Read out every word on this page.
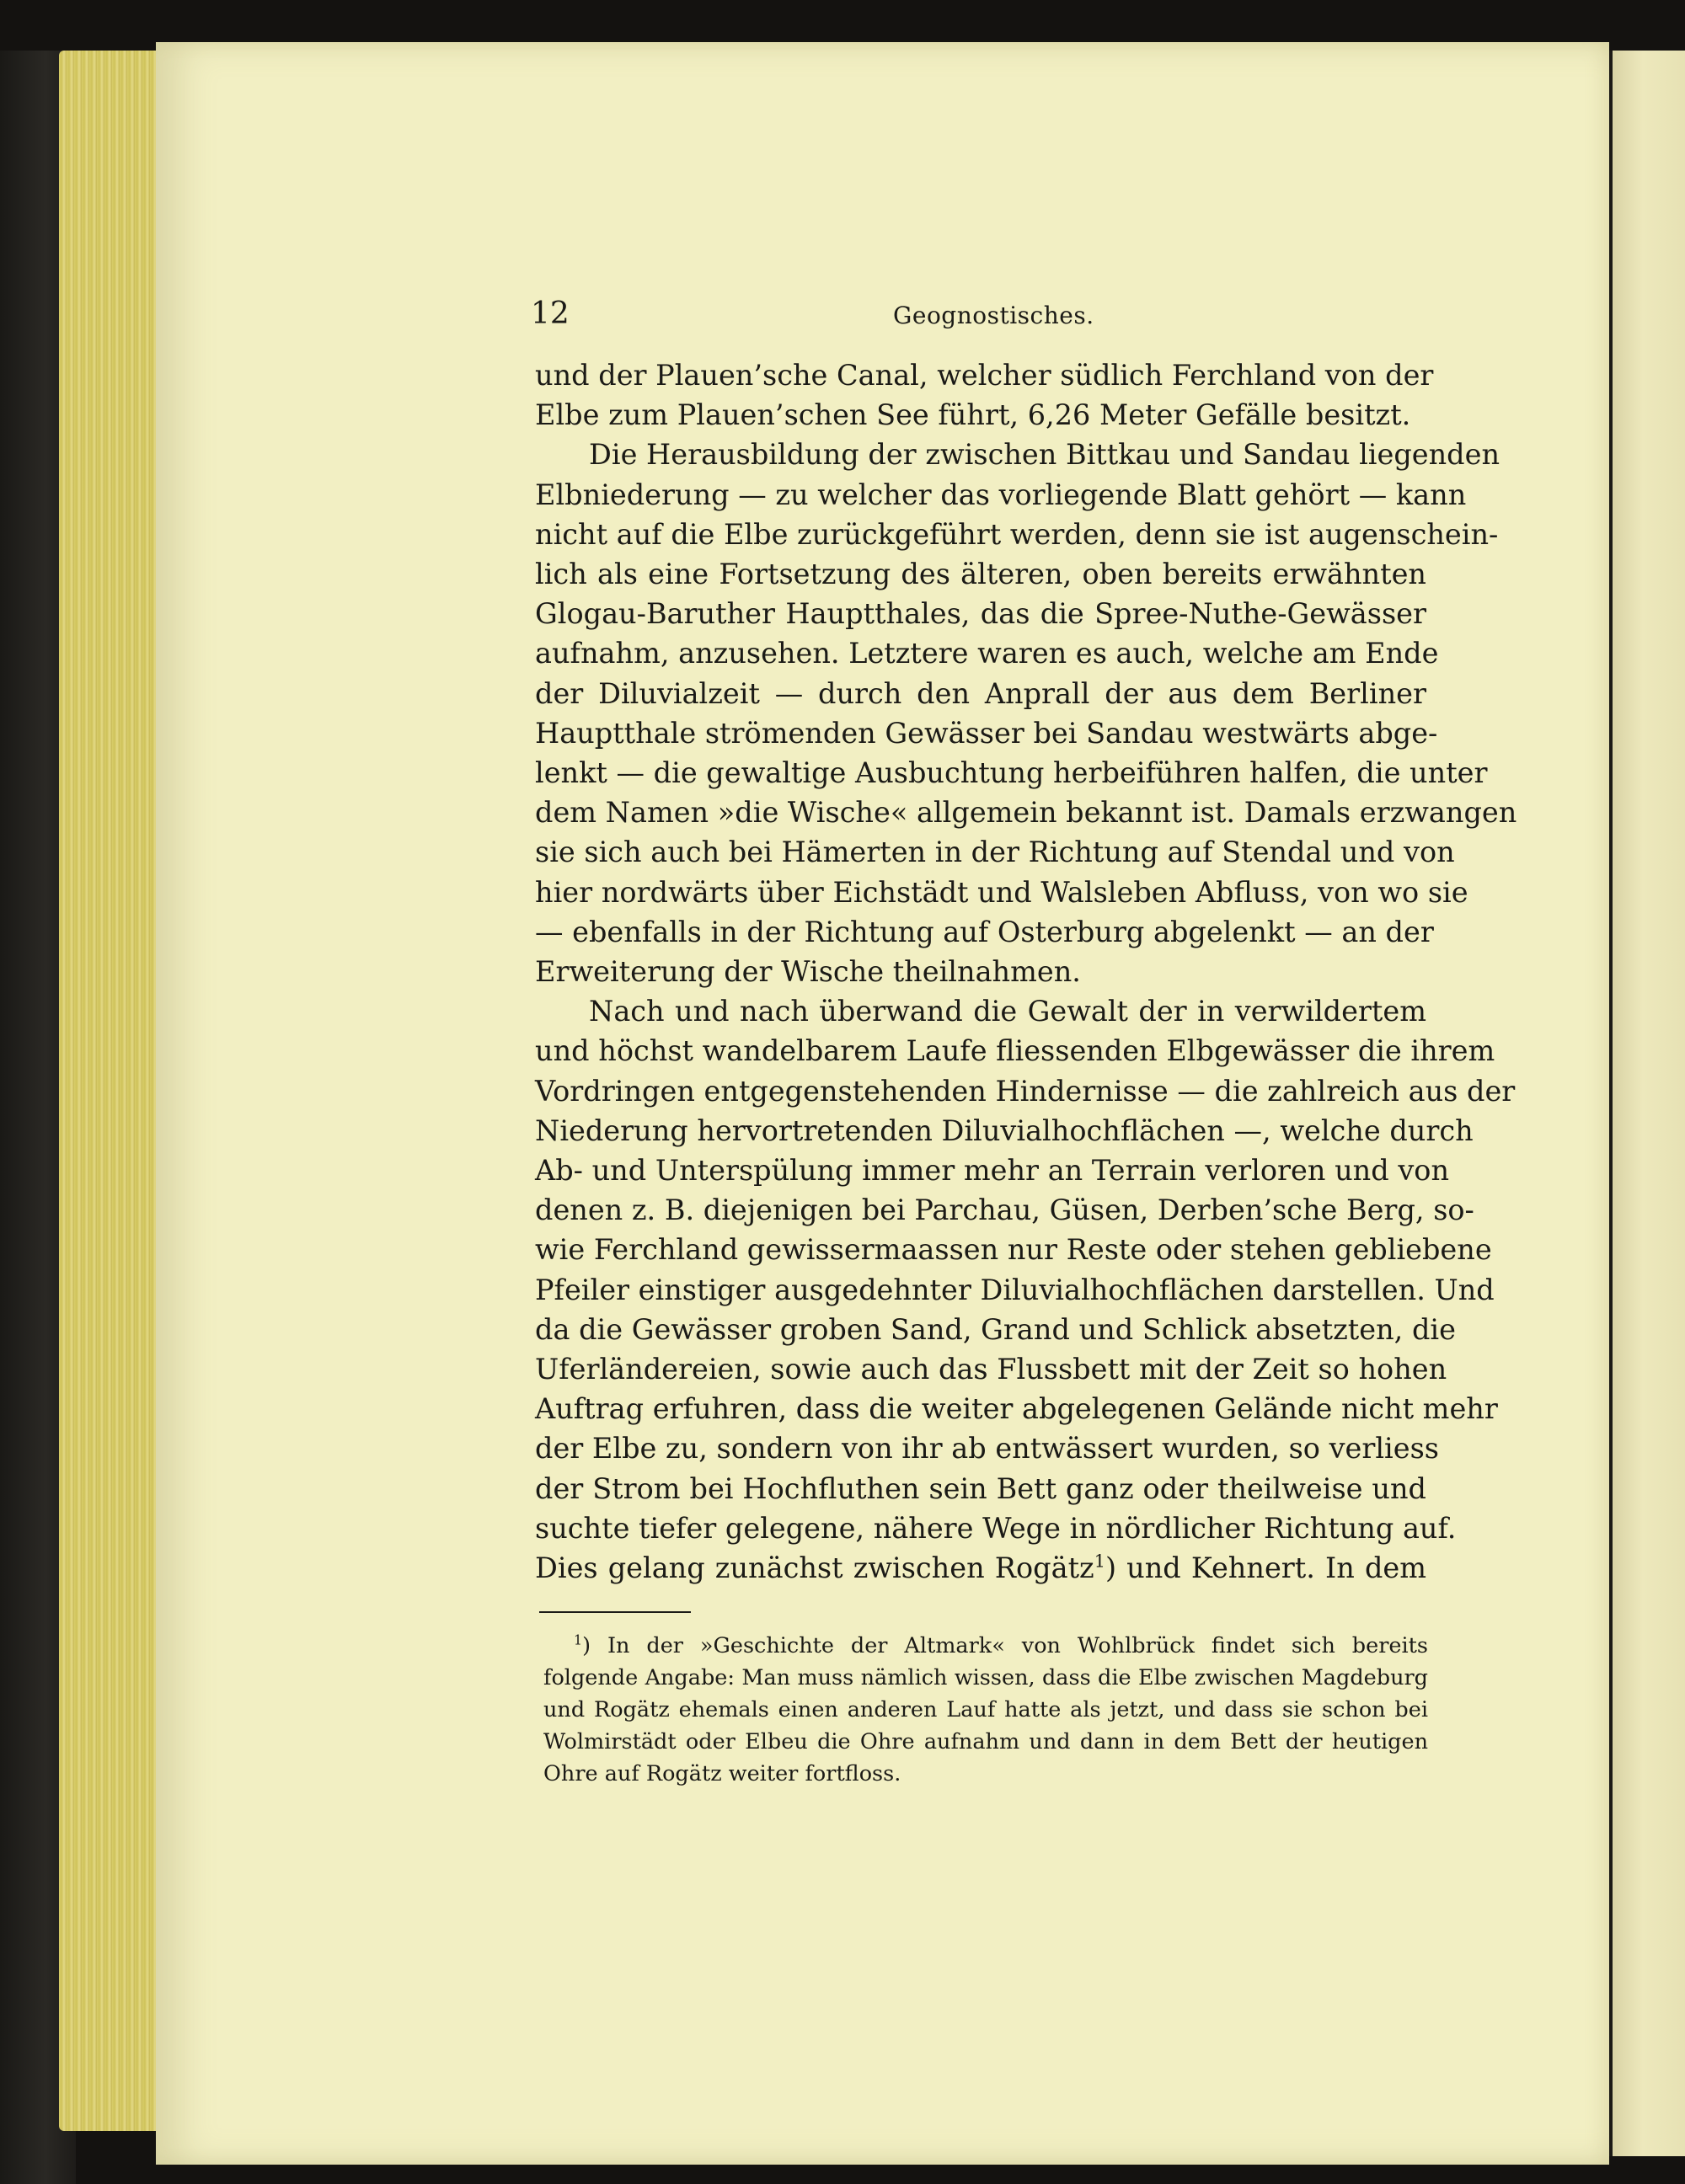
12	Geognostisches.
und der Plauen’sche Canal, welcher südlich Ferchland von der
Elbe zum Plauen’schen See führt, 6,26 Meter Gefälle besitzt.
Die Herausbildung der zwischen Bittkau und Sandau liegenden
Elbniederung — zu welcher das vorliegende Blatt gehört — kann
nicht auf die Elbe zurückgeführt werden, denn sie ist augenschein-
lich als eine Fortsetzung des älteren, oben bereits erwähnten
Glogau-Baruther Hauptthales, das die Spree-Nuthe-Gewässer
aufnahm, anzusehen. Letztere waren es auch, welche am Ende
der Diluvialzeit — durch den Anprall der aus dem Berliner
Hauptthale strömenden Gewässer bei Sandau westwärts abge-
lenkt — die gewaltige Ausbuchtung herbeiführen halfen, die unter
dem Namen »die Wische« allgemein bekannt ist. Damals erzwangen
sie sich auch bei Hämerten in der Richtung auf Stendal und von
hier nordwärts über Eichstädt und Walsleben Abfluss, von wo sie
— ebenfalls in der Richtung auf Osterburg abgelenkt — an der
Erweiterung der Wische theilnahmen.
Nach und nach überwand die Gewalt der in verwildertem
und höchst wandelbarem Laufe fliessenden Elbgewässer die ihrem
Vordringen entgegenstehenden Hindernisse — die zahlreich aus der
Niederung hervortretenden Diluvialhochflächen —, welche durch
Ab- und Unterspülung immer mehr an Terrain verloren und von
denen z. B. diejenigen bei Parchau, Güsen, Derben’sche Berg, so-
wie Ferchland gewissermaassen nur Reste oder stehen gebliebene
Pfeiler einstiger ausgedehnter Diluvialhochflächen darstellen. Und
da die Gewässer groben Sand, Grand und Schlick absetzten, die
Uferländereien, sowie auch das Flussbett mit der Zeit so hohen
Auftrag erfuhren, dass die weiter abgelegenen Gelände nicht mehr
der Elbe zu, sondern von ihr ab entwässert wurden, so verliess
der Strom bei Hochfluthen sein Bett ganz oder theilweise und
suchte tiefer gelegene, nähere Wege in nördlicher Richtung auf.
Dies gelang zunächst zwischen Rogätz$^1$) und Kehnert. In dem
$^1$) In der »Geschichte der Altmark« von Wohlbrück findet sich bereits
folgende Angabe: Man muss nämlich wissen, dass die Elbe zwischen Magdeburg
und Rogätz ehemals einen anderen Lauf hatte als jetzt, und dass sie schon bei
Wolmirstädt oder Elbeu die Ohre aufnahm und dann in dem Bett der heutigen
Ohre auf Rogätz weiter fortfloss.
